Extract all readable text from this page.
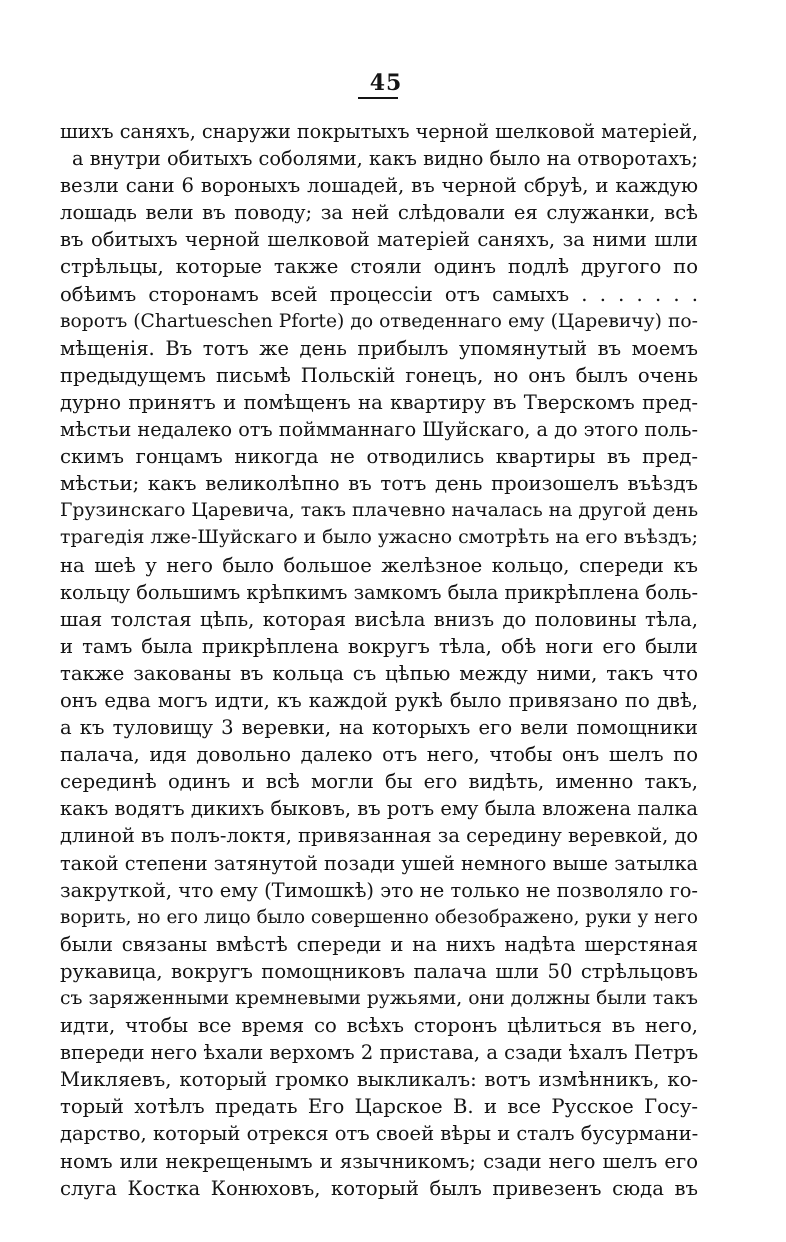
45
шихъ саняхъ, снаружи покрытыхъ черной шелковой матеріей,
а внутри обитыхъ соболями, какъ видно было на отворотахъ;
везли сани 6 вороныхъ лошадей, въ черной сбруѣ, и каждую
лошадь вели въ поводу; за ней слѣдовали ея служанки, всѣ
въ обитыхъ черной шелковой матеріей саняхъ, за ними шли
стрѣльцы, которые также стояли одинъ подлѣ другого по
обѣимъ сторонамъ всей процессіи отъ самыхъ . . . . . . .
воротъ (Chartueschen Pforte) до отведеннаго ему (Царевичу) по-
мѣщенія. Въ тотъ же день прибылъ упомянутый въ моемъ
предыдущемъ письмѣ Польскій гонецъ, но онъ былъ очень
дурно принятъ и помѣщенъ на квартиру въ Тверскомъ пред-
мѣстьи недалеко отъ поймманнаго Шуйскаго, а до этого поль-
скимъ гонцамъ никогда не отводились квартиры въ пред-
мѣстьи; какъ великолѣпно въ тотъ день произошелъ въѣздъ
Грузинскаго Царевича, такъ плачевно началась на другой день
трагедія лже-Шуйскаго и было ужасно смотрѣть на его въѣздъ;
на шеѣ у него было большое желѣзное кольцо, спереди къ
кольцу большимъ крѣпкимъ замкомъ была прикрѣплена боль-
шая толстая цѣпь, которая висѣла внизъ до половины тѣла,
и тамъ была прикрѣплена вокругъ тѣла, обѣ ноги его были
также закованы въ кольца съ цѣпью между ними, такъ что
онъ едва могъ идти, къ каждой рукѣ было привязано по двѣ,
а къ туловищу 3 веревки, на которыхъ его вели помощники
палача, идя довольно далеко отъ него, чтобы онъ шелъ по
серединѣ одинъ и всѣ могли бы его видѣть, именно такъ,
какъ водятъ дикихъ быковъ, въ ротъ ему была вложена палка
длиной въ полъ-локтя, привязанная за середину веревкой, до
такой степени затянутой позади ушей немного выше затылка
закруткой, что ему (Тимошкѣ) это не только не позволяло го-
ворить, но его лицо было совершенно обезображено, руки у него
были связаны вмѣстѣ спереди и на нихъ надѣта шерстяная
рукавица, вокругъ помощниковъ палача шли 50 стрѣльцовъ
съ заряженными кремневыми ружьями, они должны были такъ
идти, чтобы все время со всѣхъ сторонъ цѣлиться въ него,
впереди него ѣхали верхомъ 2 пристава, а сзади ѣхалъ Петръ
Микляевъ, который громко выкликалъ: вотъ измѣнникъ, ко-
торый хотѣлъ предать Его Царское В. и все Русское Госу-
дарство, который отрекся отъ своей вѣры и сталъ бусурмани-
номъ или некрещенымъ и язычникомъ; сзади него шелъ его
слуга Костка Конюховъ, который былъ привезенъ сюда въ
